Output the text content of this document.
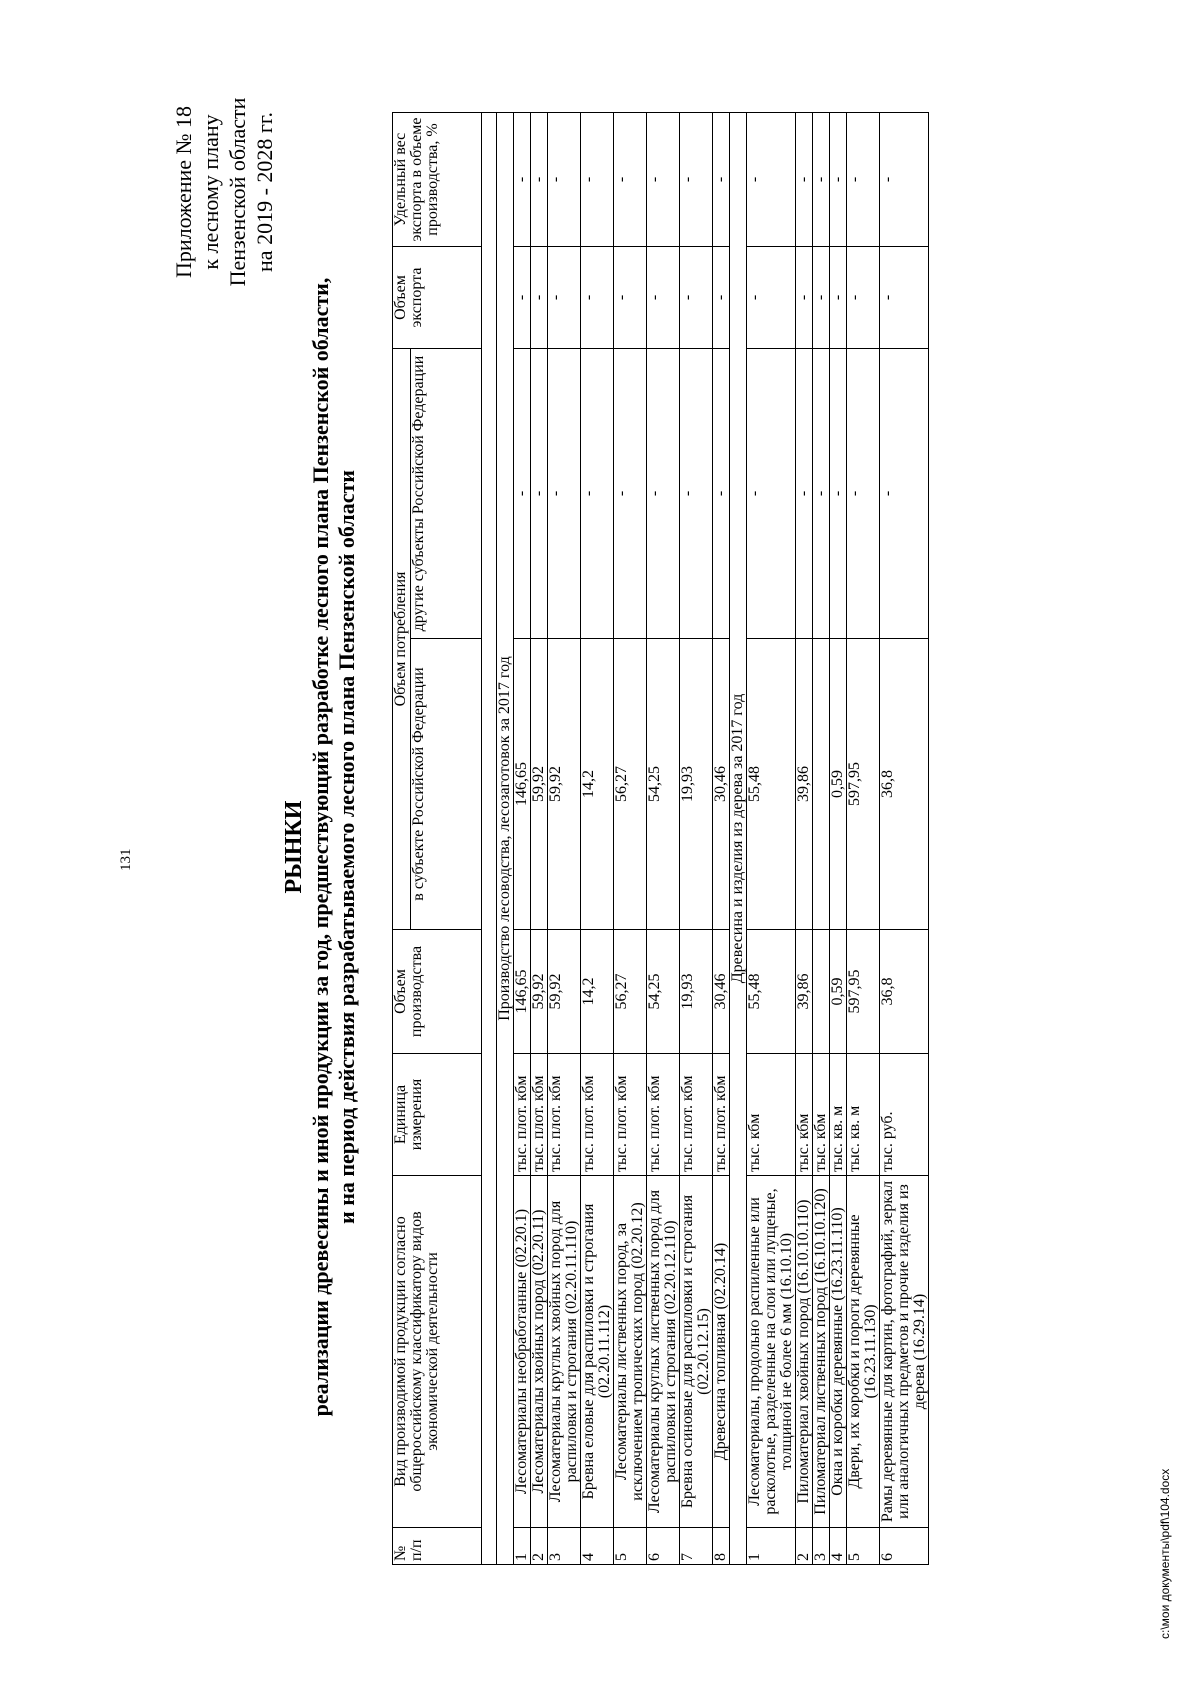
131
Приложение № 18 к лесному плану Пензенской области на 2019 - 2028 гг.
РЫНКИ реализации древесины и иной продукции за год, предшествующий разработке лесного плана Пензенской области, и на период действия разрабатываемого лесного плана Пензенской области
№ п/п	Вид производимой продукции согласно общероссийскому классификатору видов экономической деятельности	Единица измерения	Объем производства	Объем потребления		Объем экспорта	Удельный вес экспорта в объеме производства, %
				в субъекте Российской Федерации	другие субъекты Российской Федерации		

Производство лесоводства, лесозаготовок за 2017 год							
1	Лесоматериалы необработанные (02.20.1)	тыс. плот. кбм	146,65	146,65	-	-	-
2	Лесоматериалы хвойных пород (02.20.11)	тыс. плот. кбм	59,92	59,92	-	-	-
3	Лесоматериалы круглых хвойных пород для распиловки и строгания (02.20.11.110)	тыс. плот. кбм	59,92	59,92	-	-	-
4	Бревна еловые для распиловки и строгания (02.20.11.112)	тыс. плот. кбм	14,2	14,2	-	-	-
5	Лесоматериалы лиственных пород, за исключением тропических пород (02.20.12)	тыс. плот. кбм	56,27	56,27	-	-	-
6	Лесоматериалы круглых лиственных пород для распиловки и строгания (02.20.12.110)	тыс. плот. кбм	54,25	54,25	-	-	-
7	Бревна осиновые для распиловки и строгания (02.20.12.15)	тыс. плот. кбм	19,93	19,93	-	-	-
8	Древесина топливная (02.20.14)	тыс. плот. кбм	30,46	30,46	-	-	-
Древесина и изделия из дерева за 2017 год							
1	Лесоматериалы, продольно распиленные или расколотые, разделенные на слои или лущеные, толщиной не более 6 мм (16.10.10)	тыс. кбм	55,48	55,48	-	-	-
2	Пиломатериал хвойных пород (16.10.10.110)	тыс. кбм	39,86	39,86	-	-	-
3	Пиломатериал лиственных пород (16.10.10.120)	тыс. кбм			-	-	-
4	Окна и коробки деревянные (16.23.11.110)	тыс. кв. м	0,59	0,59	-	-	-
5	Двери, их коробки и пороги деревянные (16.23.11.130)	тыс. кв. м	597,95	597,95	-	-	-
6	Рамы деревянные для картин, фотографий, зеркал или аналогичных предметов и прочие изделия из дерева (16.29.14)	тыс. руб.	36,8	36,8	-	-	-
c:\мои документы\pdf\104.docx
